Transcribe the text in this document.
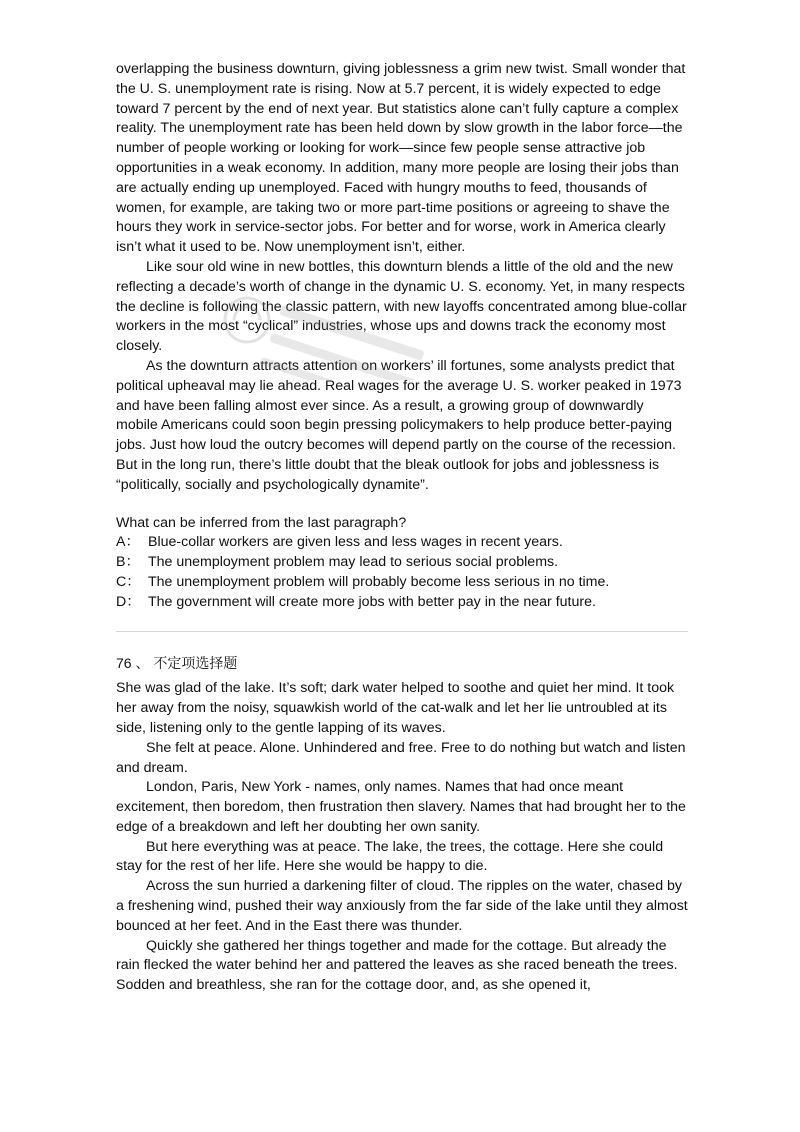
overlapping the business downturn, giving joblessness a grim new twist. Small wonder that the U. S. unemployment rate is rising. Now at 5.7 percent, it is widely expected to edge toward 7 percent by the end of next year. But statistics alone can’t fully capture a complex reality. The unemployment rate has been held down by slow growth in the labor force—the number of people working or looking for work—since few people sense attractive job opportunities in a weak economy. In addition, many more people are losing their jobs than are actually ending up unemployed. Faced with hungry mouths to feed, thousands of women, for example, are taking two or more part-time positions or agreeing to shave the hours they work in service-sector jobs. For better and for worse, work in America clearly isn’t what it used to be. Now unemployment isn’t, either.

Like sour old wine in new bottles, this downturn blends a little of the old and the new reflecting a decade’s worth of change in the dynamic U. S. economy. Yet, in many respects the decline is following the classic pattern, with new layoffs concentrated among blue-collar workers in the most “cyclical” industries, whose ups and downs track the economy most closely.

As the downturn attracts attention on workers’ ill fortunes, some analysts predict that political upheaval may lie ahead. Real wages for the average U. S. worker peaked in 1973 and have been falling almost ever since. As a result, a growing group of downwardly mobile Americans could soon begin pressing policymakers to help produce better-paying jobs. Just how loud the outcry becomes will depend partly on the course of the recession. But in the long run, there’s little doubt that the bleak outlook for jobs and joblessness is “politically, socially and psychologically dynamite”.

What can be inferred from the last paragraph?

A： Blue-collar workers are given less and less wages in recent years.
B： The unemployment problem may lead to serious social problems.
C： The unemployment problem will probably become less serious in no time.
D： The government will create more jobs with better pay in the near future.

76 、 不定项选择题

She was glad of the lake. It’s soft; dark water helped to soothe and quiet her mind. It took her away from the noisy, squawkish world of the cat-walk and let her lie untroubled at its side, listening only to the gentle lapping of its waves.

She felt at peace. Alone. Unhindered and free. Free to do nothing but watch and listen and dream.

London, Paris, New York - names, only names. Names that had once meant excitement, then boredom, then frustration then slavery. Names that had brought her to the edge of a breakdown and left her doubting her own sanity.

But here everything was at peace. The lake, the trees, the cottage. Here she could stay for the rest of her life. Here she would be happy to die.

Across the sun hurried a darkening filter of cloud. The ripples on the water, chased by a freshening wind, pushed their way anxiously from the far side of the lake until they almost bounced at her feet. And in the East there was thunder.

Quickly she gathered her things together and made for the cottage. But already the rain flecked the water behind her and pattered the leaves as she raced beneath the trees. Sodden and breathless, she ran for the cottage door, and, as she opened it,
